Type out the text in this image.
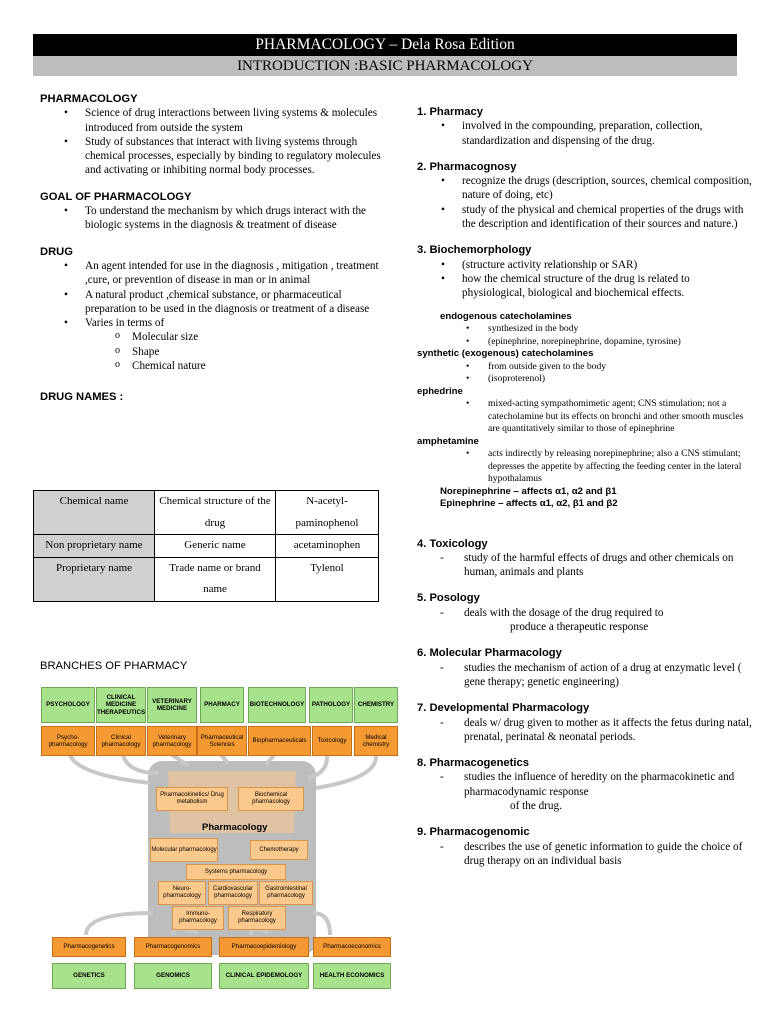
PHARMACOLOGY – Dela Rosa Edition
INTRODUCTION :BASIC PHARMACOLOGY

PHARMACOLOGY

• Science of drug interactions between living systems & molecules introduced from outside the system
• Study of substances that interact with living systems through chemical processes, especially by binding to regulatory molecules and activating or inhibiting normal body processes.

GOAL OF PHARMACOLOGY

• To understand the mechanism by which drugs interact with the biologic systems in the diagnosis & treatment of disease

DRUG

• An agent intended for use in the diagnosis , mitigation , treatment ,cure, or prevention of disease in man or in animal
• A natural product ,chemical substance, or pharmaceutical preparation to be used in the diagnosis or treatment of a disease
• Varies in terms of
o Molecular size
o Shape
o Chemical nature

DRUG NAMES :

Chemical name	Chemical structure of the drug	N-acetyl-paminophenol
Non proprietary name	Generic name	acetaminophen
Proprietary name	Trade name or brand name	Tylenol
BRANCHES OF PHARMACY
PSYCHOLOGY
CLINICAL MEDICINE THERAPEUTICS
VETERINARY MEDICINE
PHARMACY	BIOTECHNOLOGY	PATHOLOGY	CHEMISTRY
Psycho-pharmacology
Clinical pharmacology
Veterinary pharmacology
Pharmaceutical Sciences
Biopharmaceuticals	Toxicology
Medical chemistry
Pharmacokinetics/ Drug metabolism
Biochemical pharmacology
Pharmacology
Molecular pharmacology	Chemotherapy
Systems pharmacology
Neuro-pharmacology
Cardiovascular pharmacology
Gastrointestinal pharmacology
Immuno-pharmacology
Respiratory pharmacology
Pharmacogenetics	Pharmacogenomics	Pharmacoepidemiology	Pharmacoeconomics
GENETICS	GENOMICS	CLINICAL EPIDEMOLOGY	HEALTH ECONOMICS

1. Pharmacy

• involved in the compounding, preparation, collection, standardization and dispensing of the drug.

2. Pharmacognosy

• recognize the drugs (description, sources, chemical composition, nature of doing, etc)
• study of the physical and chemical properties of the drugs with the description and identification of their sources and nature.)

3. Biochemorphology

• (structure activity relationship or SAR)
• how the chemical structure of the drug is related to physiological, biological and biochemical effects.
endogenous catecholamines
• synthesized in the body
• (epinephrine, norepinephrine, dopamine, tyrosine)
synthetic (exogenous) catecholamines
• from outside given to the body
• (isoproterenol)
ephedrine
• mixed-acting sympathomimetic agent; CNS stimulation; not a catecholamine but its effects on bronchi and other smooth muscles are quantitatively similar to those of epinephrine
amphetamine
• acts indirectly by releasing norepinephrine; also a CNS stimulant; depresses the appetite by affecting the feeding center in the lateral hypothalamus
Norepinephrine – affects α1, α2 and β1
Epinephrine – affects α1, α2, β1 and β2

4. Toxicology

- study of the harmful effects of drugs and other chemicals on human, animals and plants

5. Posology

- deals with the dosage of the drug required to
produce a therapeutic response

6. Molecular Pharmacology

- studies the mechanism of action of a drug at enzymatic level ( gene therapy; genetic engineering)

7. Developmental Pharmacology

- deals w/ drug given to mother as it affects the fetus during natal, prenatal, perinatal & neonatal periods.

8. Pharmacogenetics

- studies the influence of heredity on the pharmacokinetic and pharmacodynamic response
of the drug.

9. Pharmacogenomic

- describes the use of genetic information to guide the choice of drug therapy on an individual basis
